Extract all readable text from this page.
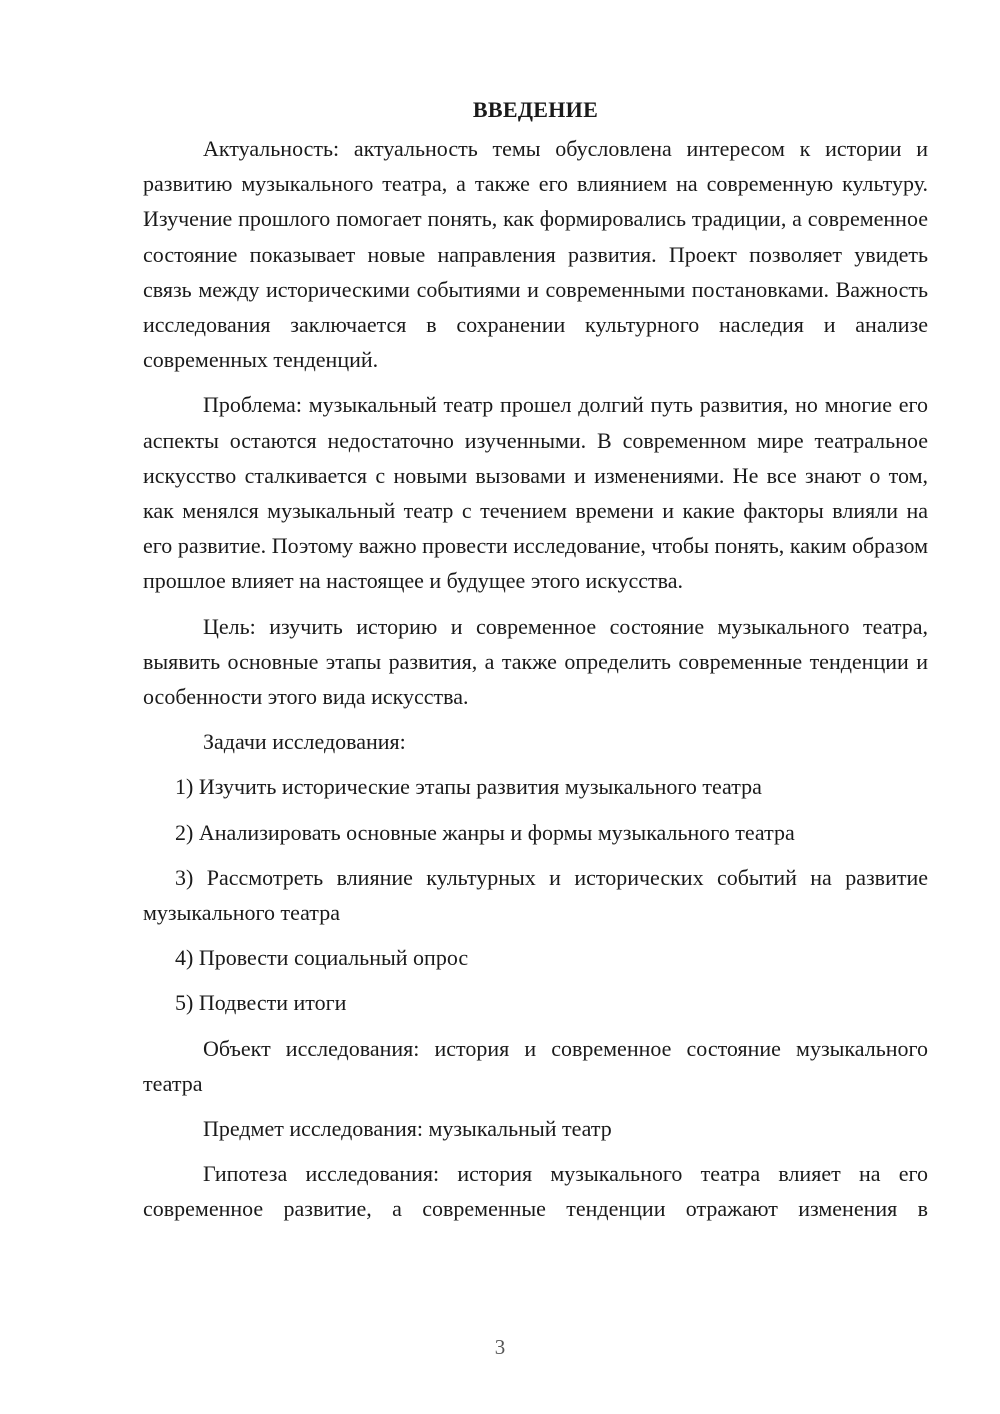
ВВЕДЕНИЕ

Актуальность: актуальность темы обусловлена интересом к истории и развитию музыкального театра, а также его влиянием на современную культуру. Изучение прошлого помогает понять, как формировались традиции, а современное состояние показывает новые направления развития. Проект позволяет увидеть связь между историческими событиями и современными постановками. Важность исследования заключается в сохранении культурного наследия и анализе современных тенденций.

Проблема: музыкальный театр прошел долгий путь развития, но многие его аспекты остаются недостаточно изученными. В современном мире театральное искусство сталкивается с новыми вызовами и изменениями. Не все знают о том, как менялся музыкальный театр с течением времени и какие факторы влияли на его развитие. Поэтому важно провести исследование, чтобы понять, каким образом прошлое влияет на настоящее и будущее этого искусства.

Цель: изучить историю и современное состояние музыкального театра, выявить основные этапы развития, а также определить современные тенденции и особенности этого вида искусства.

Задачи исследования:

1) Изучить исторические этапы развития музыкального театра

2) Анализировать основные жанры и формы музыкального театра

3) Рассмотреть влияние культурных и исторических событий на развитие музыкального театра

4) Провести социальный опрос

5) Подвести итоги

Объект исследования: история и современное состояние музыкального театра

Предмет исследования: музыкальный театр

Гипотеза исследования: история музыкального театра влияет на его современное развитие, а современные тенденции отражают изменения в

3
